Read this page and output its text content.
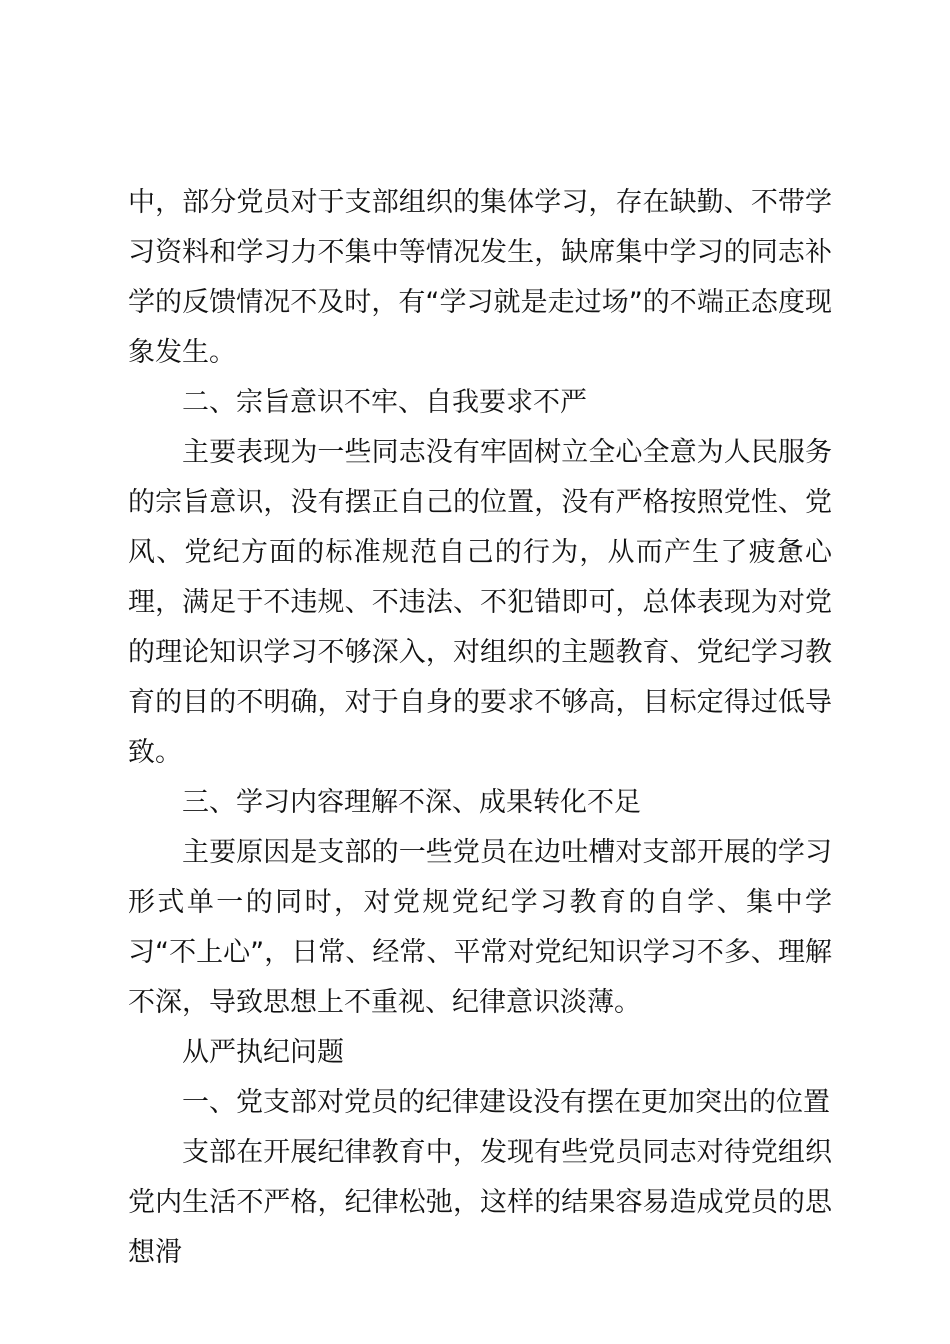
中，部分党员对于支部组织的集体学习，存在缺勤、不带学习资料和学习力不集中等情况发生，缺席集中学习的同志补学的反馈情况不及时，有“学习就是走过场”的不端正态度现象发生。

二、宗旨意识不牢、自我要求不严

主要表现为一些同志没有牢固树立全心全意为人民服务的宗旨意识，没有摆正自己的位置，没有严格按照党性、党风、党纪方面的标准规范自己的行为，从而产生了疲惫心理，满足于不违规、不违法、不犯错即可，总体表现为对党的理论知识学习不够深入，对组织的主题教育、党纪学习教育的目的不明确，对于自身的要求不够高，目标定得过低导致。

三、学习内容理解不深、成果转化不足

主要原因是支部的一些党员在边吐槽对支部开展的学习形式单一的同时，对党规党纪学习教育的自学、集中学习“不上心”，日常、经常、平常对党纪知识学习不多、理解不深，导致思想上不重视、纪律意识淡薄。

从严执纪问题

一、党支部对党员的纪律建设没有摆在更加突出的位置

支部在开展纪律教育中，发现有些党员同志对待党组织党内生活不严格，纪律松弛，这样的结果容易造成党员的思想滑
